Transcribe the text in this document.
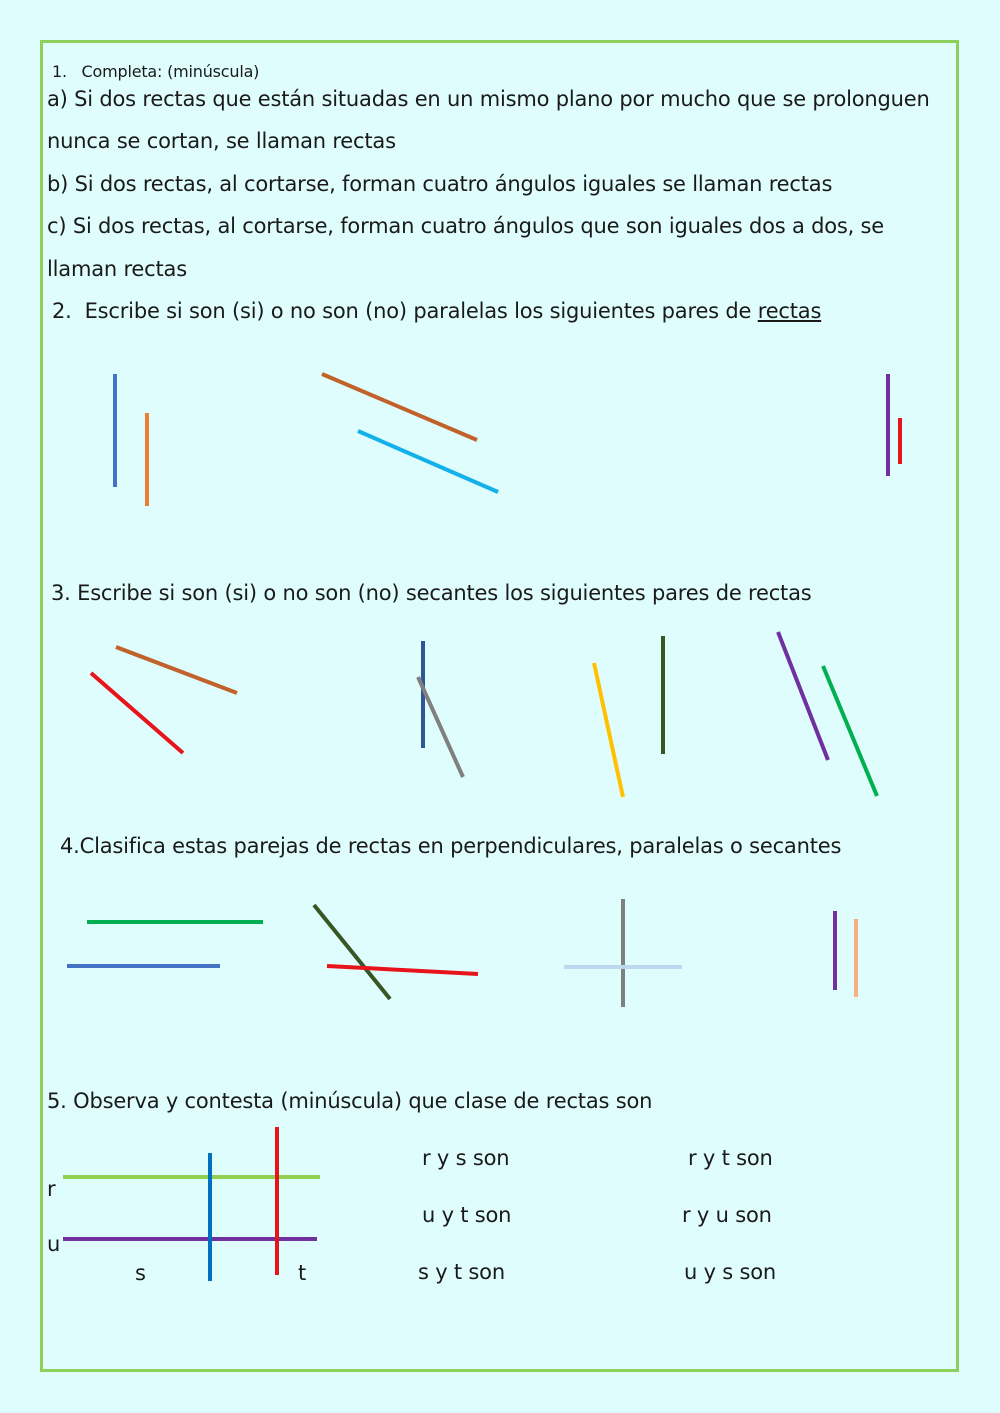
1. Completa: (minúscula)
a) Si dos rectas que están situadas en un mismo plano por mucho que se prolonguen
nunca se cortan, se llaman rectas
b) Si dos rectas, al cortarse, forman cuatro ángulos iguales se llaman rectas
c) Si dos rectas, al cortarse, forman cuatro ángulos que son iguales dos a dos, se
llaman rectas
2. Escribe si son (si) o no son (no) paralelas los siguientes pares de rectas
3. Escribe si son (si) o no son (no) secantes los siguientes pares de rectas
4.Clasifica estas parejas de rectas en perpendiculares, paralelas o secantes
5. Observa y contesta (minúscula) que clase de rectas son
r
u
s	t
r y s son	r y t son
u y t son	r y u son
s y t son	u y s son
